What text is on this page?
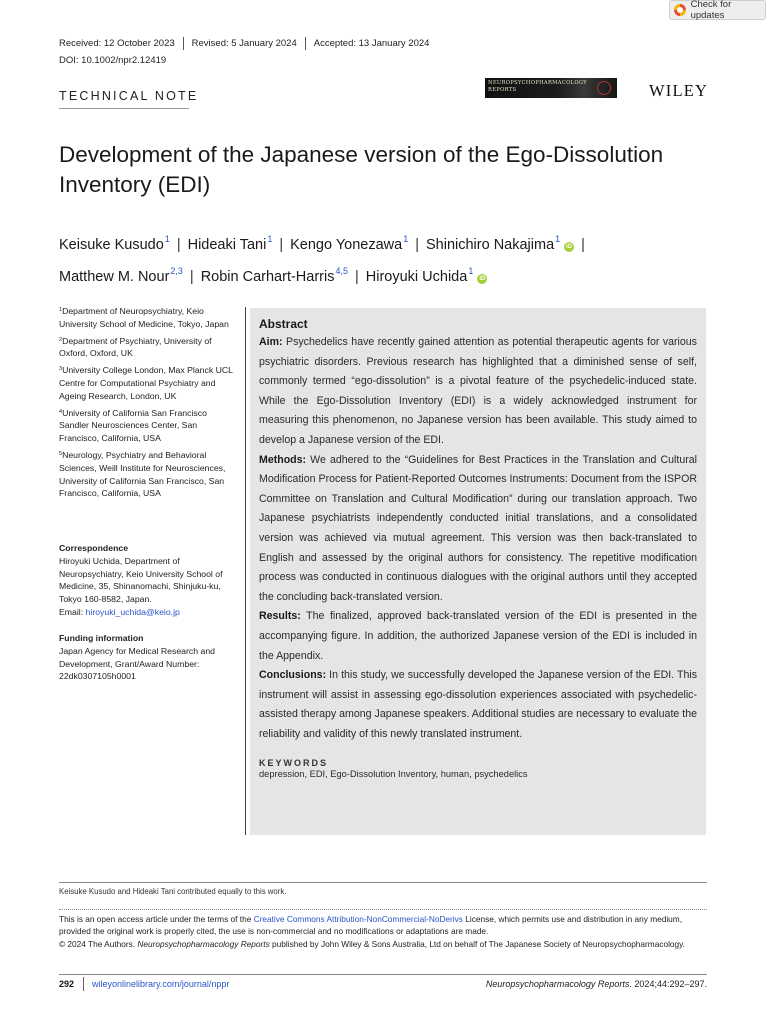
Check for updates
Received: 12 October 2023 Revised: 5 January 2024 Accepted: 13 January 2024
DOI: 10.1002/npr2.12419
TECHNICAL NOTE
NEUROPSYCHOPHARMACOLOGY REPORTS	WILEY
Development of the Japanese version of the Ego-Dissolution Inventory (EDI)
Keisuke Kusudo$^1$ | Hideaki Tani$^1$ | Kengo Yonezawa$^1$ | Shinichiro Nakajima$^1$iD |
Matthew M. Nour$^{2,3}$ | Robin Carhart-Harris$^{4,5}$ | Hiroyuki Uchida$^1$iD
$^1$Department of Neuropsychiatry, Keio University School of Medicine, Tokyo, Japan
$^2$Department of Psychiatry, University of Oxford, Oxford, UK
$^3$University College London, Max Planck UCL Centre for Computational Psychiatry and Ageing Research, London, UK
$^4$University of California San Francisco Sandler Neurosciences Center, San Francisco, California, USA
$^5$Neurology, Psychiatry and Behavioral Sciences, Weill Institute for Neurosciences, University of California San Francisco, San Francisco, California, USA
Correspondence
Hiroyuki Uchida, Department of Neuropsychiatry, Keio University School of Medicine, 35, Shinanomachi, Shinjuku-ku, Tokyo 160-8582, Japan.
Email: hiroyuki_uchida@keio.jp
Funding information
Japan Agency for Medical Research and Development, Grant/Award Number: 22dk0307105h0001
Abstract
Aim: Psychedelics have recently gained attention as potential therapeutic agents for various psychiatric disorders. Previous research has highlighted that a diminished sense of self, commonly termed “ego-dissolution” is a pivotal feature of the psychedelic-induced state. While the Ego-Dissolution Inventory (EDI) is a widely acknowledged instrument for measuring this phenomenon, no Japanese version has been available. This study aimed to develop a Japanese version of the EDI.
Methods: We adhered to the “Guidelines for Best Practices in the Translation and Cultural Modification Process for Patient-Reported Outcomes Instruments: Document from the ISPOR Committee on Translation and Cultural Modification” during our translation approach. Two Japanese psychiatrists independently conducted initial translations, and a consolidated version was achieved via mutual agreement. This version was then back-translated to English and assessed by the original authors for consistency. The repetitive modification process was conducted in continuous dialogues with the original authors until they accepted the concluding back-translated version.
Results: The finalized, approved back-translated version of the EDI is presented in the accompanying figure. In addition, the authorized Japanese version of the EDI is included in the Appendix.
Conclusions: In this study, we successfully developed the Japanese version of the EDI. This instrument will assist in assessing ego-dissolution experiences associated with psychedelic-assisted therapy among Japanese speakers. Additional studies are necessary to evaluate the reliability and validity of this newly translated instrument.
KEYWORDS
depression, EDI, Ego-Dissolution Inventory, human, psychedelics
Keisuke Kusudo and Hideaki Tani contributed equally to this work.
This is an open access article under the terms of the Creative Commons Attribution-NonCommercial-NoDerivs License, which permits use and distribution in any medium, provided the original work is properly cited, the use is non-commercial and no modifications or adaptations are made.
© 2024 The Authors. Neuropsychopharmacology Reports published by John Wiley & Sons Australia, Ltd on behalf of The Japanese Society of Neuropsychopharmacology.
292 wileyonlinelibrary.com/journal/nppr	Neuropsychopharmacology Reports. 2024;44:292–297.
